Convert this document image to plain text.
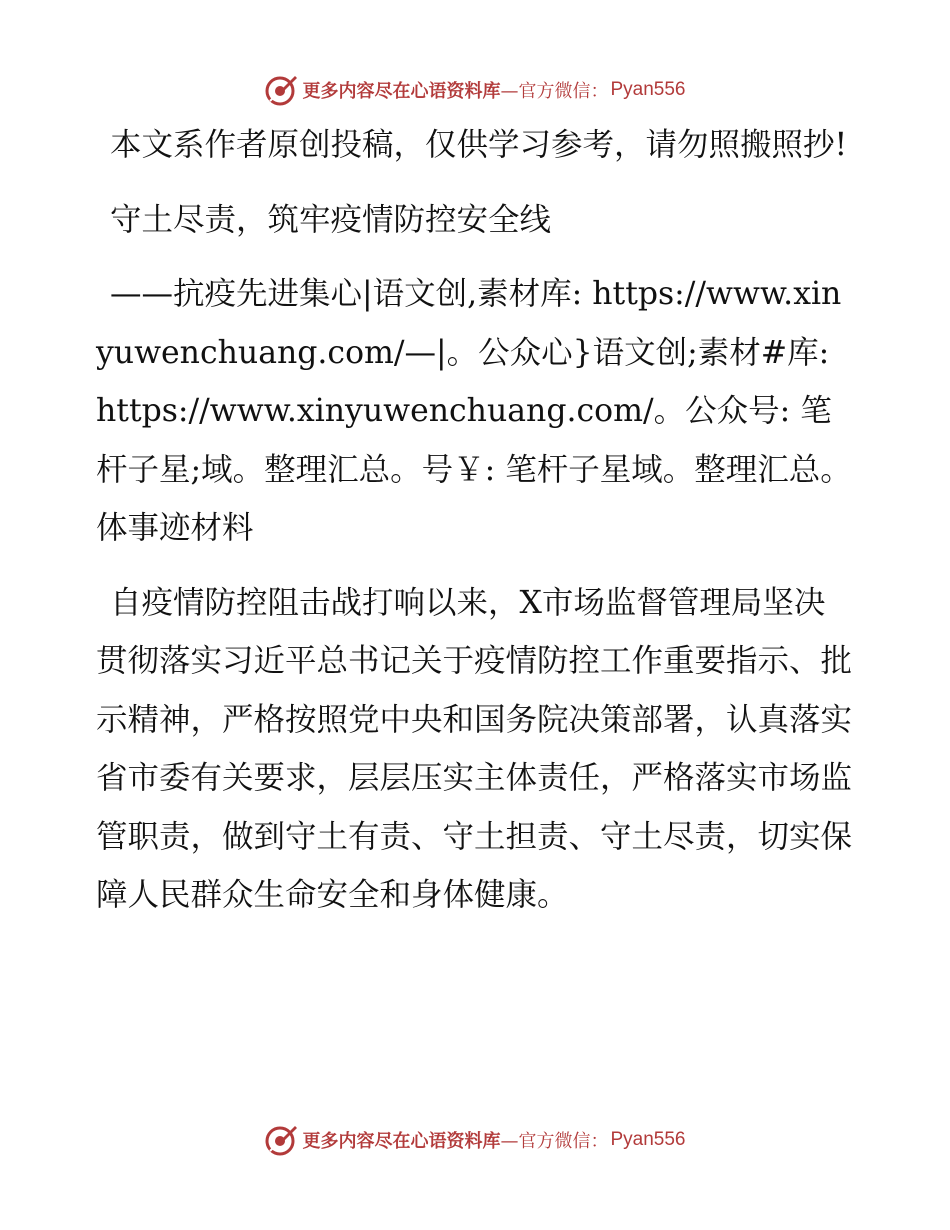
更多内容尽在心语资料库 —官方微信： Pyan556

本文系作者原创投稿，仅供学习参考，请勿照搬照抄!

守土尽责，筑牢疫情防控安全线

——抗疫先进集心|语文创,素材库: https://www.xinyuwenchuang.com/—|。公众心}语文创;素材#库: https://www.xinyuwenchuang.com/。公众号: 笔杆子星;域。整理汇总。号￥: 笔杆子星域。整理汇总。体事迹材料

自疫情防控阻击战打响以来，X市场监督管理局坚决贯彻落实习近平总书记关于疫情防控工作重要指示、批示精神，严格按照党中央和国务院决策部署，认真落实省市委有关要求，层层压实主体责任，严格落实市场监管职责，做到守土有责、守土担责、守土尽责，切实保障人民群众生命安全和身体健康。

更多内容尽在心语资料库 —官方微信： Pyan556
